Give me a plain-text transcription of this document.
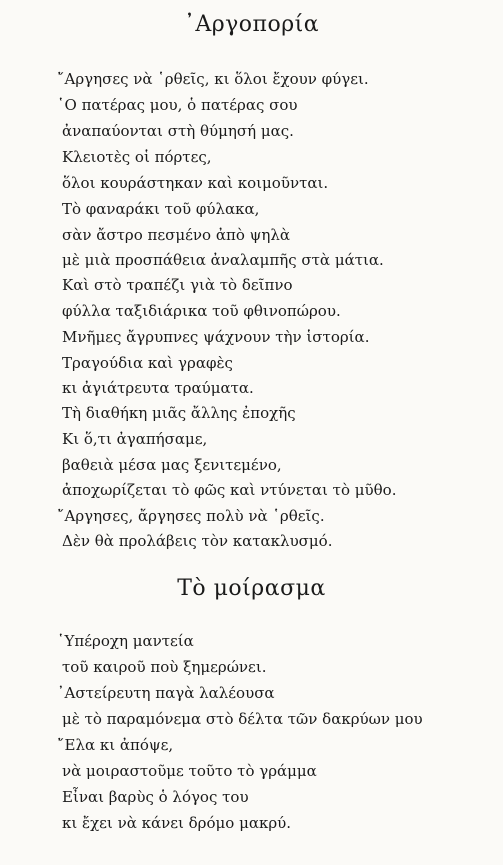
᾿Αργοπορία

῎Αργησες νὰ ῾ρθεῖς, κι ὅλοι ἔχουν φύγει.

῾Ο πατέρας μου, ὁ πατέρας σου

ἀναπαύονται στὴ θύμησή μας.

Κλειοτὲς οἱ πόρτες,

ὅλοι κουράστηκαν καὶ κοιμοῦνται.

Τὸ φαναράκι τοῦ φύλακα,

σὰν ἄστρο πεσμένο ἀπὸ ψηλὰ

μὲ μιὰ προσπάθεια ἀναλαμπῆς στὰ μάτια.

Καὶ στὸ τραπέζι γιὰ τὸ δεῖπνο

φύλλα ταξιδιάρικα τοῦ φθινοπώρου.

Μνῆμες ἄγρυπνες ψάχνουν τὴν ἱστορία.

Τραγούδια καὶ γραφὲς

κι ἀγιάτρευτα τραύματα.

Τὴ διαθήκη μιᾶς ἄλλης ἐποχῆς

Κι ὅ,τι ἀγαπήσαμε,

βαθειὰ μέσα μας ξενιτεμένο,

ἀποχωρίζεται τὸ φῶς καὶ ντύνεται τὸ μῦθο.

῎Αργησες, ἄργησες πολὺ νὰ ῾ρθεῖς.

Δὲν θὰ προλάβεις τὸν κατακλυσμό.

Τὸ μοίρασμα

῾Υπέροχη μαντεία

τοῦ καιροῦ ποὺ ξημερώνει.

᾿Αστείρευτη παγὰ λαλέουσα

μὲ τὸ παραμόνεμα στὸ δέλτα τῶν δακρύων μου

῎Ελα κι ἀπόψε,

νὰ μοιραστοῦμε τοῦτο τὸ γράμμα

Εἶναι βαρὺς ὁ λόγος του

κι ἔχει νὰ κάνει δρόμο μακρύ.
